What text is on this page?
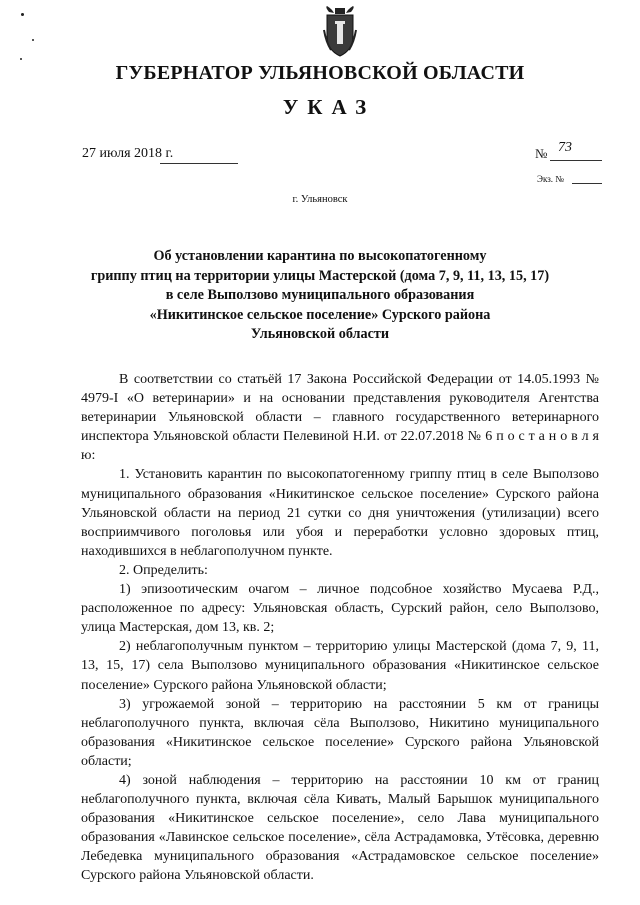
ГУБЕРНАТОР УЛЬЯНОВСКОЙ ОБЛАСТИ
УКАЗ
27 июля 2018 г.	№ 73
Экз. №
г. Ульяновск
Об установлении карантина по высокопатогенному
гриппу птиц на территории улицы Мастерской (дома 7, 9, 11, 13, 15, 17)
в селе Выползово муниципального образования
«Никитинское сельское поселение» Сурского района
Ульяновской области

В соответствии со статьёй 17 Закона Российской Федерации от 14.05.1993 № 4979-I «О ветеринарии» и на основании представления руководителя Агентства ветеринарии Ульяновской области – главного государственного ветеринарного инспектора Ульяновской области Пелевиной Н.И. от 22.07.2018 № 6 п о с т а н о в л я ю:

1. Установить карантин по высокопатогенному гриппу птиц в селе Выползово муниципального образования «Никитинское сельское поселение» Сурского района Ульяновской области на период 21 сутки со дня уничтожения (утилизации) всего восприимчивого поголовья или убоя и переработки условно здоровых птиц, находившихся в неблагополучном пункте.

2. Определить:

1) эпизоотическим очагом – личное подсобное хозяйство Мусаева Р.Д., расположенное по адресу: Ульяновская область, Сурский район, село Выползово, улица Мастерская, дом 13, кв. 2;

2) неблагополучным пунктом – территорию улицы Мастерской (дома 7, 9, 11, 13, 15, 17) села Выползово муниципального образования «Никитинское сельское поселение» Сурского района Ульяновской области;

3) угрожаемой зоной – территорию на расстоянии 5 км от границы неблагополучного пункта, включая сёла Выползово, Никитино муниципального образования «Никитинское сельское поселение» Сурского района Ульяновской области;

4) зоной наблюдения – территорию на расстоянии 10 км от границ неблагополучного пункта, включая сёла Кивать, Малый Барышок муниципального образования «Никитинское сельское поселение», село Лава муниципального образования «Лавинское сельское поселение», сёла Астрадамовка, Утёсовка, деревню Лебедевка муниципального образования «Астрадамовское сельское поселение» Сурского района Ульяновской области.
